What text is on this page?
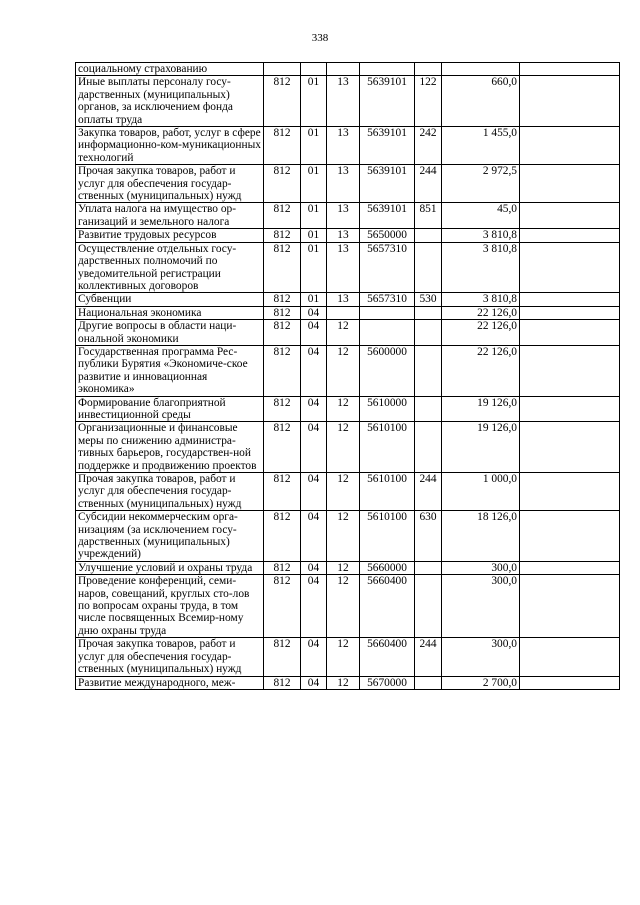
338
социальному страхованию							
Иные выплаты персоналу госу-дарственных (муниципальных) органов, за исключением фонда оплаты труда	812	01	13	5639101	122	660,0	
Закупка товаров, работ, услуг в сфере информационно-ком-муникационных технологий	812	01	13	5639101	242	1 455,0	
Прочая закупка товаров, работ и услуг для обеспечения государ-ственных (муниципальных) нужд	812	01	13	5639101	244	2 972,5	
Уплата налога на имущество ор-ганизаций и земельного налога	812	01	13	5639101	851	45,0	
Развитие трудовых ресурсов	812	01	13	5650000		3 810,8	
Осуществление отдельных госу-дарственных полномочий по уведомительной регистрации коллективных договоров	812	01	13	5657310		3 810,8	
Субвенции	812	01	13	5657310	530	3 810,8	
Национальная экономика	812	04				22 126,0	
Другие вопросы в области наци-ональной экономики	812	04	12			22 126,0	
Государственная программа Рес-публики Бурятия «Экономиче-ское развитие и инновационная экономика»	812	04	12	5600000		22 126,0	
Формирование благоприятной инвестиционной среды	812	04	12	5610000		19 126,0	
Организационные и финансовые меры по снижению администра-тивных барьеров, государствен-ной поддержке и продвижению проектов	812	04	12	5610100		19 126,0	
Прочая закупка товаров, работ и услуг для обеспечения государ-ственных (муниципальных) нужд	812	04	12	5610100	244	1 000,0	
Субсидии некоммерческим орга-низациям (за исключением госу-дарственных (муниципальных) учреждений)	812	04	12	5610100	630	18 126,0	
Улучшение условий и охраны труда	812	04	12	5660000		300,0	
Проведение конференций, семи-наров, совещаний, круглых сто-лов по вопросам охраны труда, в том числе посвященных Всемир-ному дню охраны труда	812	04	12	5660400		300,0	
Прочая закупка товаров, работ и услуг для обеспечения государ-ственных (муниципальных) нужд	812	04	12	5660400	244	300,0	
Развитие международного, меж-	812	04	12	5670000		2 700,0	
